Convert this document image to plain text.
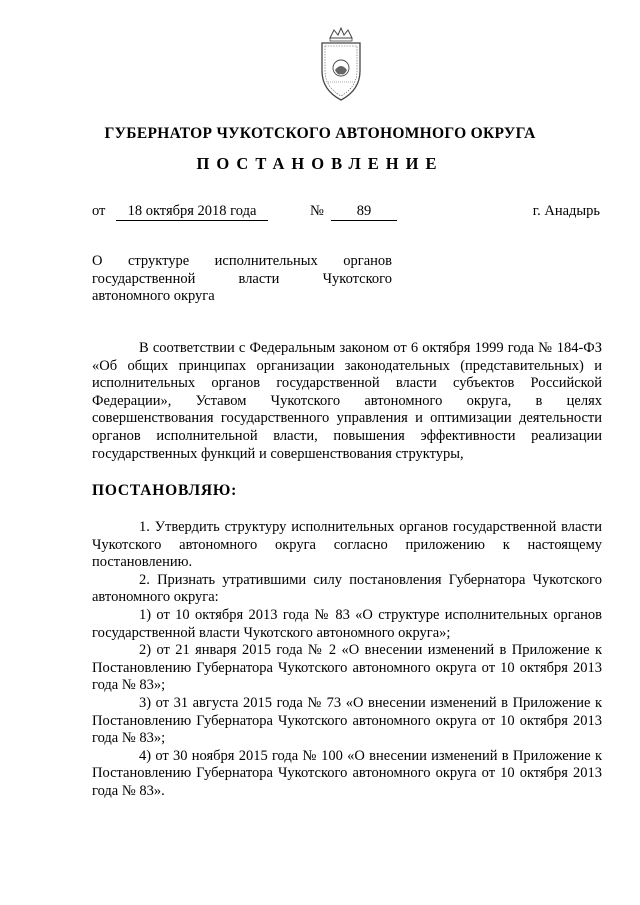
ГУБЕРНАТОР ЧУКОТСКОГО АВТОНОМНОГО ОКРУГА
ПОСТАНОВЛЕНИЕ
от	18 октября 2018 года	№	89	г. Анадырь
О структуре исполнительных органов государственной власти Чукотского автономного округа

В соответствии с Федеральным законом от 6 октября 1999 года № 184-ФЗ «Об общих принципах организации законодательных (представительных) и исполнительных органов государственной власти субъектов Российской Федерации», Уставом Чукотского автономного округа, в целях совершенствования государственного управления и оптимизации деятельности органов исполнительной власти, повышения эффективности реализации государственных функций и совершенствования структуры,

ПОСТАНОВЛЯЮ:

1. Утвердить структуру исполнительных органов государственной власти Чукотского автономного округа согласно приложению к настоящему постановлению.

2. Признать утратившими силу постановления Губернатора Чукотского автономного округа:

1) от 10 октября 2013 года № 83 «О структуре исполнительных органов государственной власти Чукотского автономного округа»;

2) от 21 января 2015 года № 2 «О внесении изменений в Приложение к Постановлению Губернатора Чукотского автономного округа от 10 октября 2013 года № 83»;

3) от 31 августа 2015 года № 73 «О внесении изменений в Приложение к Постановлению Губернатора Чукотского автономного округа от 10 октября 2013 года № 83»;

4) от 30 ноября 2015 года № 100 «О внесении изменений в Приложение к Постановлению Губернатора Чукотского автономного округа от 10 октября 2013 года № 83».
